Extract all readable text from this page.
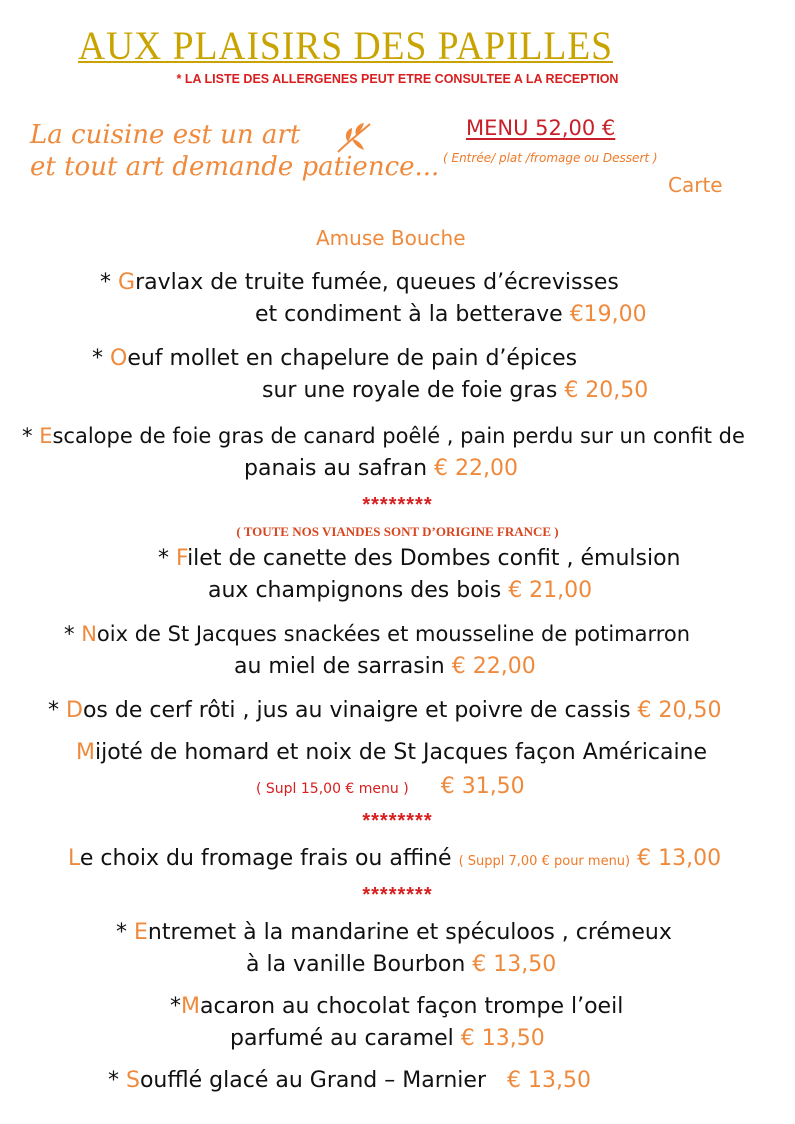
AUX PLAISIRS DES PAPILLES
* LA LISTE DES ALLERGENES PEUT ETRE CONSULTEE A LA RECEPTION
La cuisine est un art
et tout art demande patience...
MENU 52,00 €
( Entrée/ plat /fromage ou Dessert )
Carte
Amuse Bouche
* Gravlax de truite fumée, queues d’écrevisses
et condiment à la betterave €19,00
* Oeuf mollet en chapelure de pain d’épices
sur une royale de foie gras € 20,50
* Escalope de foie gras de canard poêlé , pain perdu sur un confit de
panais au safran € 22,00
********
( TOUTE NOS VIANDES SONT D’ORIGINE FRANCE )
* Filet de canette des Dombes confit , émulsion
aux champignons des bois € 21,00
* Noix de St Jacques snackées et mousseline de potimarron
au miel de sarrasin € 22,00
* Dos de cerf rôti , jus au vinaigre et poivre de cassis € 20,50
Mijoté de homard et noix de St Jacques façon Américaine
( Supl 15,00 € menu ) € 31,50
********
Le choix du fromage frais ou affiné ( Suppl 7,00 € pour menu) € 13,00
********
* Entremet à la mandarine et spéculoos , crémeux
à la vanille Bourbon € 13,50
*Macaron au chocolat façon trompe l’oeil
parfumé au caramel € 13,50
* Soufflé glacé au Grand – Marnier € 13,50
